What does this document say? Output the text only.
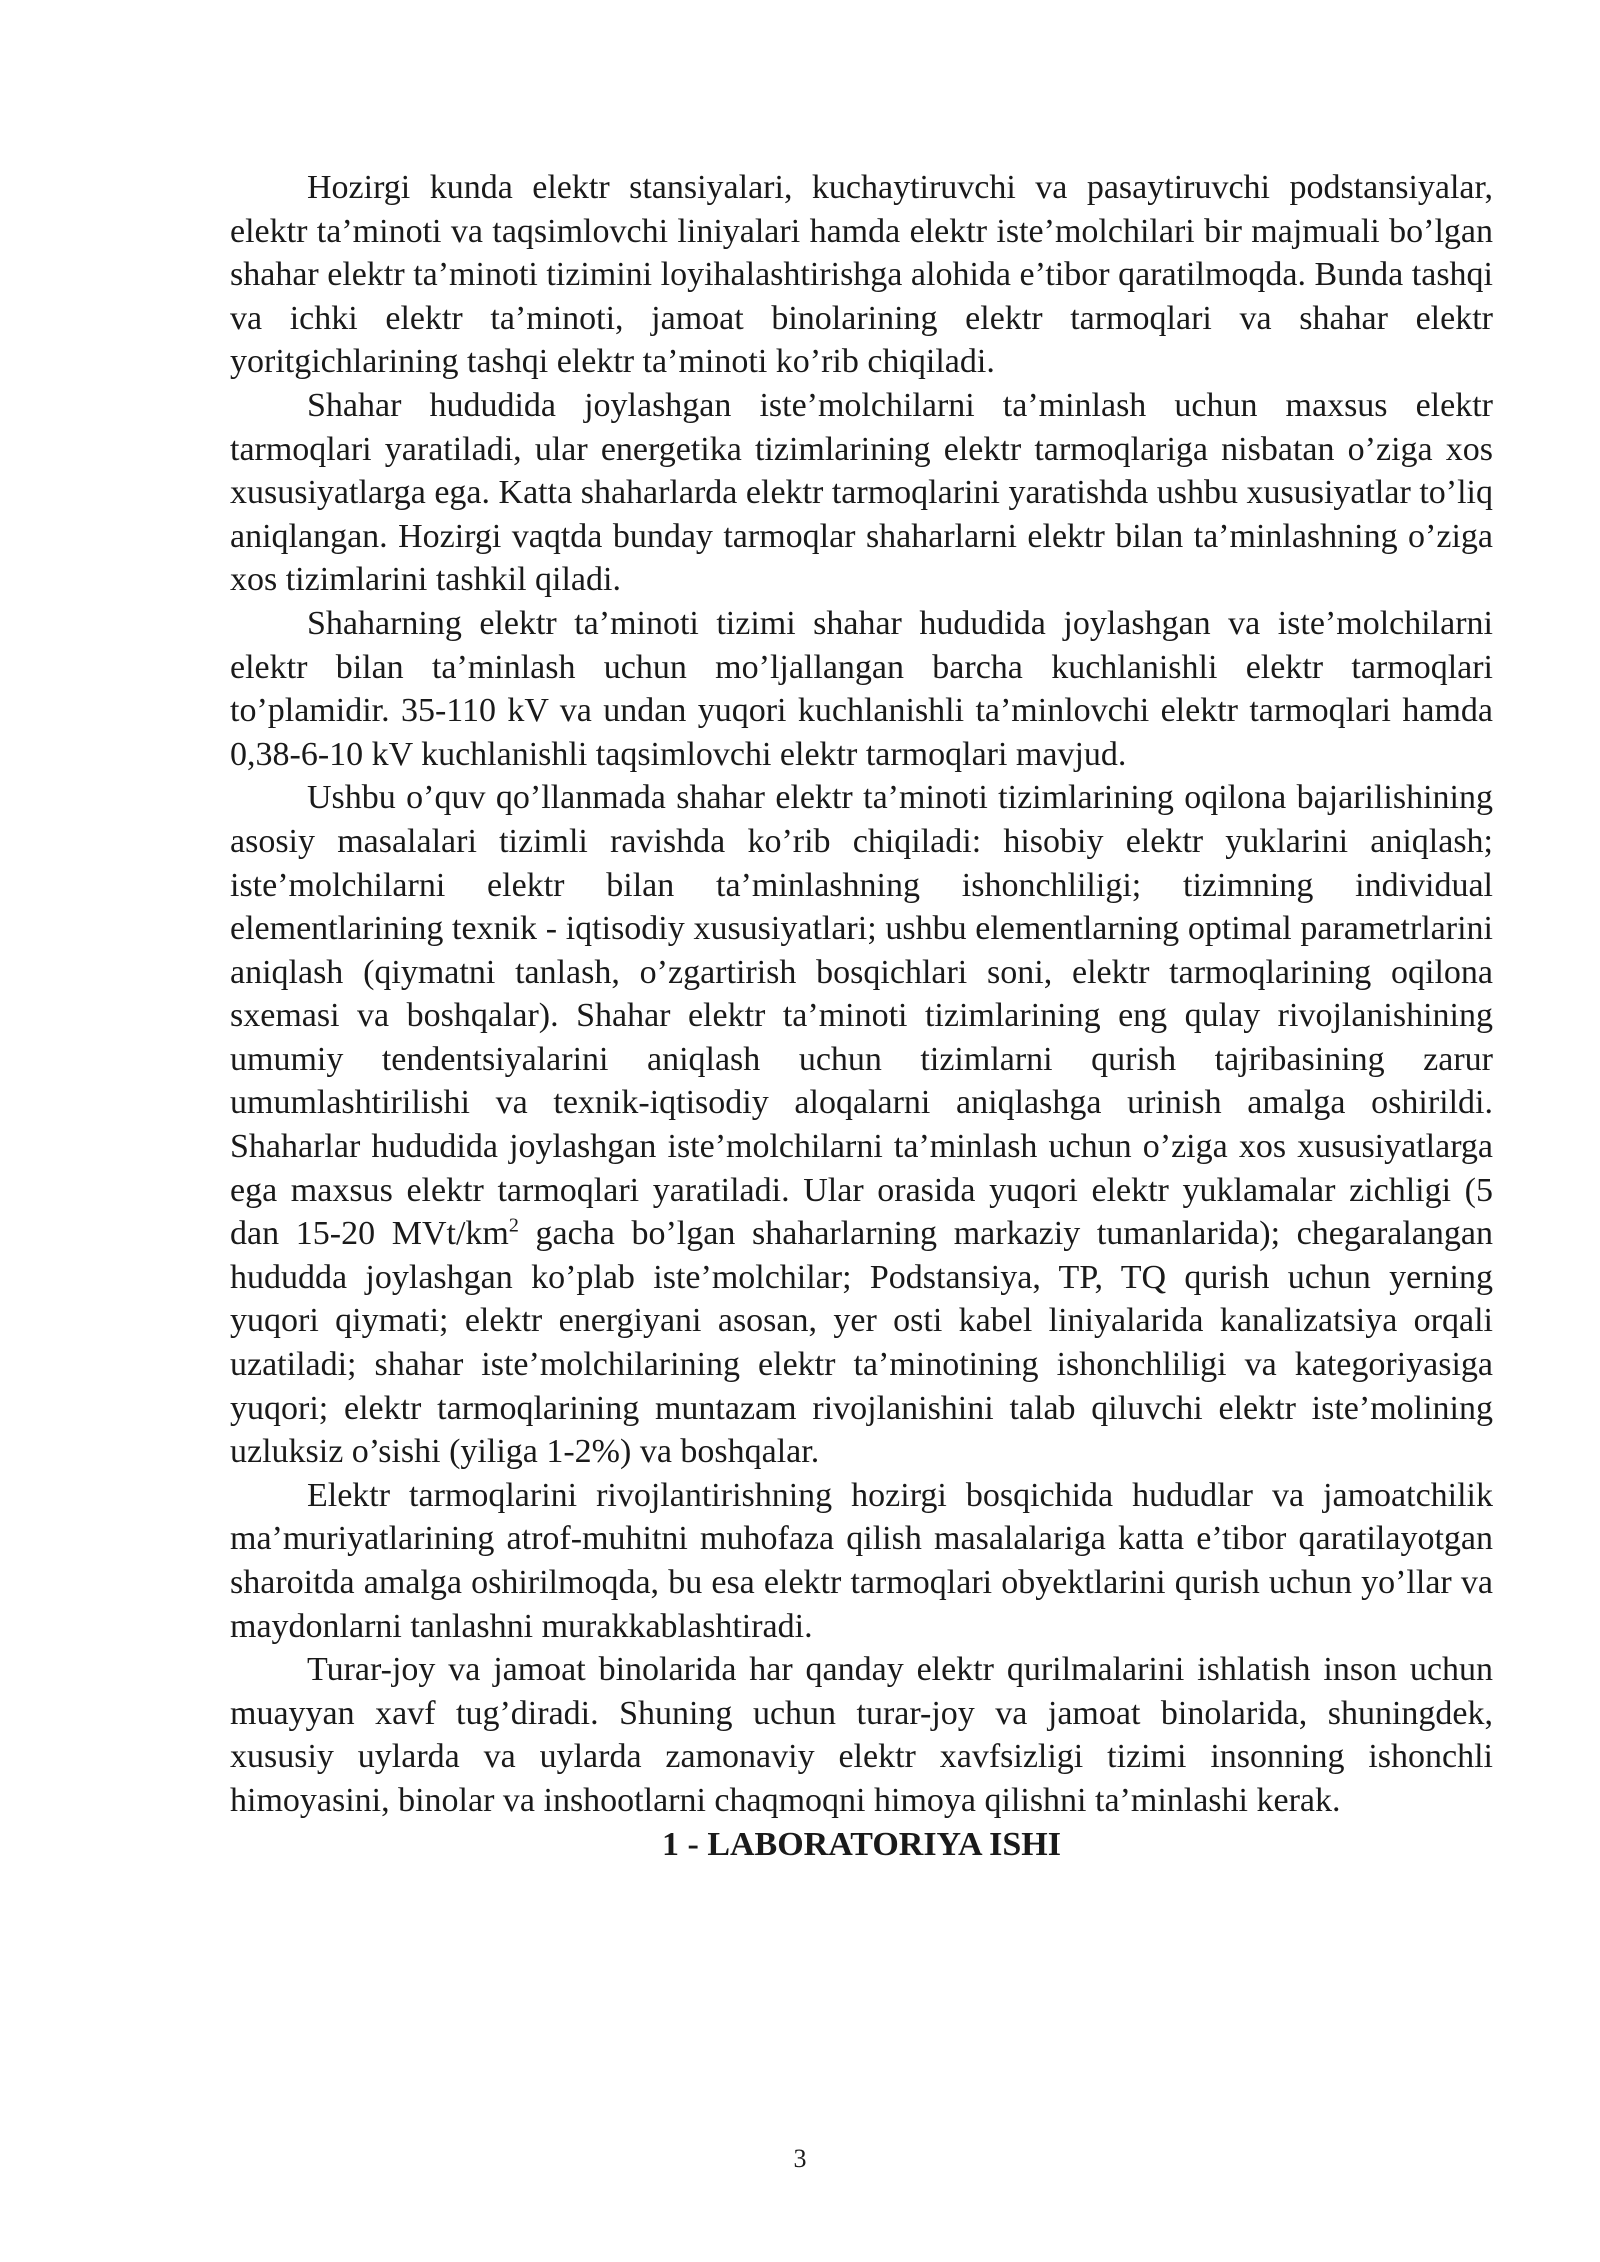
Hozirgi kunda elektr stansiyalari, kuchaytiruvchi va pasaytiruvchi podstansiyalar, elektr ta’minoti va taqsimlovchi liniyalari hamda elektr iste’molchilari bir majmuali bo’lgan shahar elektr ta’minoti tizimini loyihalashtirishga alohida e’tibor qaratilmoqda. Bunda tashqi va ichki elektr ta’minoti, jamoat binolarining elektr tarmoqlari va shahar elektr yoritgichlarining tashqi elektr ta’minoti ko’rib chiqiladi.

Shahar hududida joylashgan iste’molchilarni ta’minlash uchun maxsus elektr tarmoqlari yaratiladi, ular energetika tizimlarining elektr tarmoqlariga nisbatan o’ziga xos xususiyatlarga ega. Katta shaharlarda elektr tarmoqlarini yaratishda ushbu xususiyatlar to’liq aniqlangan. Hozirgi vaqtda bunday tarmoqlar shaharlarni elektr bilan ta’minlashning o’ziga xos tizimlarini tashkil qiladi.

Shaharning elektr ta’minoti tizimi shahar hududida joylashgan va iste’molchilarni elektr bilan ta’minlash uchun mo’ljallangan barcha kuchlanishli elektr tarmoqlari to’plamidir. 35-110 kV va undan yuqori kuchlanishli ta’minlovchi elektr tarmoqlari hamda 0,38-6-10 kV kuchlanishli taqsimlovchi elektr tarmoqlari mavjud.

Ushbu o’quv qo’llanmada shahar elektr ta’minoti tizimlarining oqilona bajarilishining asosiy masalalari tizimli ravishda ko’rib chiqiladi: hisobiy elektr yuklarini aniqlash; iste’molchilarni elektr bilan ta’minlashning ishonchliligi; tizimning individual elementlarining texnik - iqtisodiy xususiyatlari; ushbu elementlarning optimal parametrlarini aniqlash (qiymatni tanlash, o’zgartirish bosqichlari soni, elektr tarmoqlarining oqilona sxemasi va boshqalar). Shahar elektr ta’minoti tizimlarining eng qulay rivojlanishining umumiy tendentsiyalarini aniqlash uchun tizimlarni qurish tajribasining zarur umumlashtirilishi va texnik-iqtisodiy aloqalarni aniqlashga urinish amalga oshirildi. Shaharlar hududida joylashgan iste’molchilarni ta’minlash uchun o’ziga xos xususiyatlarga ega maxsus elektr tarmoqlari yaratiladi. Ular orasida yuqori elektr yuklamalar zichligi (5 dan 15-20 MVt/$km^2$ gacha bo’lgan shaharlarning markaziy tumanlarida); chegaralangan hududda joylashgan ko’plab iste’molchilar; Podstansiya, TP, TQ qurish uchun yerning yuqori qiymati; elektr energiyani asosan, yer osti kabel liniyalarida kanalizatsiya orqali uzatiladi; shahar iste’molchilarining elektr ta’minotining ishonchliligi va kategoriyasiga yuqori; elektr tarmoqlarining muntazam rivojlanishini talab qiluvchi elektr iste’molining uzluksiz o’sishi (yiliga 1-2%) va boshqalar.

Elektr tarmoqlarini rivojlantirishning hozirgi bosqichida hududlar va jamoatchilik ma’muriyatlarining atrof-muhitni muhofaza qilish masalalariga katta e’tibor qaratilayotgan sharoitda amalga oshirilmoqda, bu esa elektr tarmoqlari obyektlarini qurish uchun yo’llar va maydonlarni tanlashni murakkablashtiradi.

Turar-joy va jamoat binolarida har qanday elektr qurilmalarini ishlatish inson uchun muayyan xavf tug’diradi. Shuning uchun turar-joy va jamoat binolarida, shuningdek, xususiy uylarda va uylarda zamonaviy elektr xavfsizligi tizimi insonning ishonchli himoyasini, binolar va inshootlarni chaqmoqni himoya qilishni ta’minlashi kerak.

1 - LABORATORIYA ISHI
3
